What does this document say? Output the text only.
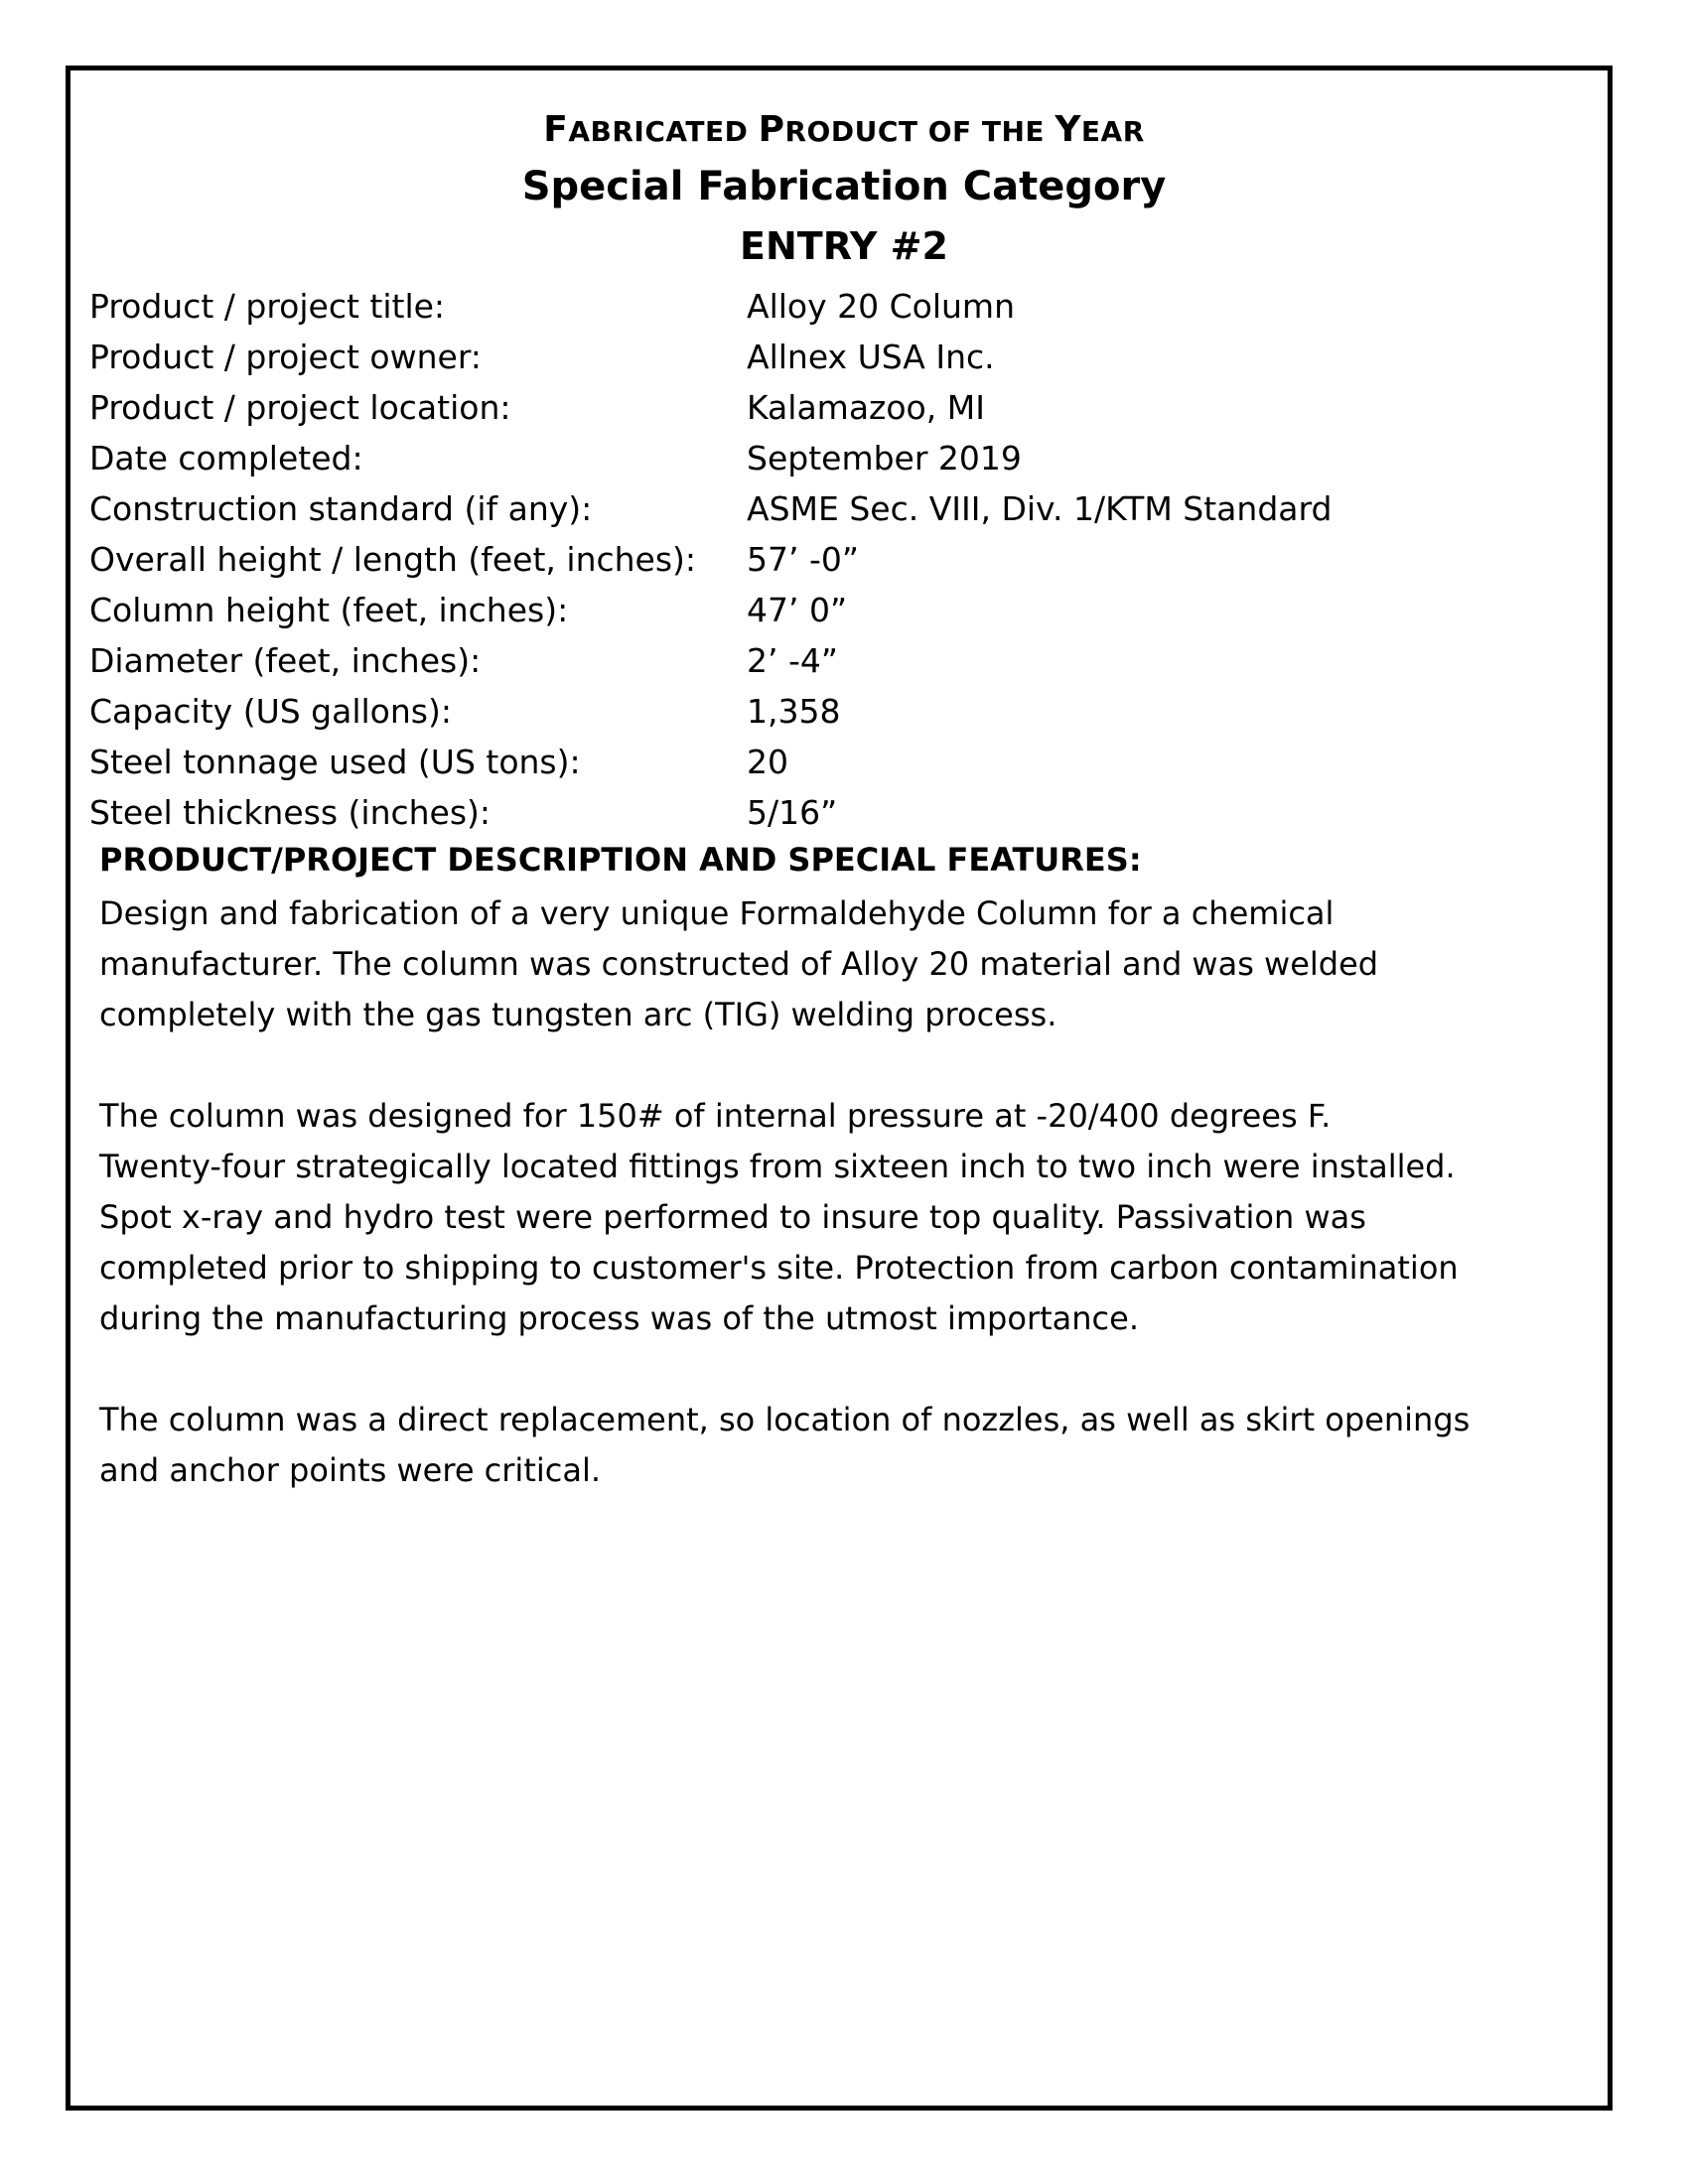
FABRICATED PRODUCT OF THE YEAR
Special Fabrication Category
ENTRY #2
Product / project title:	Alloy 20 Column
Product / project owner:	Allnex USA Inc.
Product / project location:	Kalamazoo, MI
Date completed:	September 2019
Construction standard (if any):	ASME Sec. VIII, Div. 1/KTM Standard
Overall height / length (feet, inches):	57’ -0”
Column height (feet, inches):	47’ 0”
Diameter (feet, inches):	2’ -4”
Capacity (US gallons):	1,358
Steel tonnage used (US tons):	20
Steel thickness (inches):	5/16”
PRODUCT/PROJECT DESCRIPTION AND SPECIAL FEATURES:
Design and fabrication of a very unique Formaldehyde Column for a chemical
manufacturer. The column was constructed of Alloy 20 material and was welded
completely with the gas tungsten arc (TIG) welding process.
The column was designed for 150# of internal pressure at -20/400 degrees F.
Twenty-four strategically located fittings from sixteen inch to two inch were installed.
Spot x-ray and hydro test were performed to insure top quality. Passivation was
completed prior to shipping to customer's site. Protection from carbon contamination
during the manufacturing process was of the utmost importance.
The column was a direct replacement, so location of nozzles, as well as skirt openings
and anchor points were critical.
